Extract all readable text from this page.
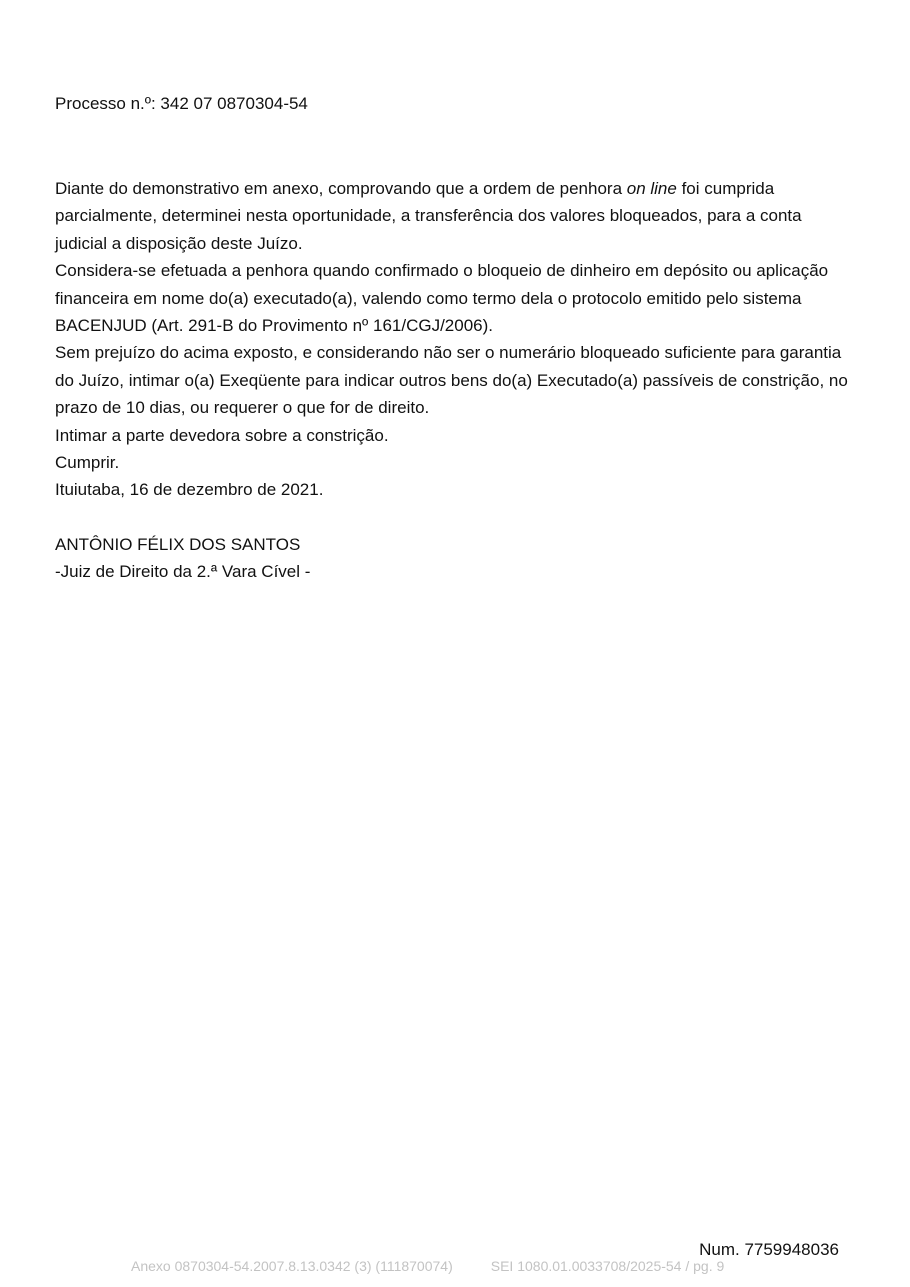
Processo n.º: 342 07 0870304-54

Diante do demonstrativo em anexo, comprovando que a ordem de penhora on line foi cumprida parcialmente, determinei nesta oportunidade, a transferência dos valores bloqueados, para a conta judicial a disposição deste Juízo.

Considera-se efetuada a penhora quando confirmado o bloqueio de dinheiro em depósito ou aplicação financeira em nome do(a) executado(a), valendo como termo dela o protocolo emitido pelo sistema BACENJUD (Art. 291-B do Provimento nº 161/CGJ/2006).

Sem prejuízo do acima exposto, e considerando não ser o numerário bloqueado suficiente para garantia do Juízo, intimar o(a) Exeqüente para indicar outros bens do(a) Executado(a) passíveis de constrição, no prazo de 10 dias, ou requerer o que for de direito.

Intimar a parte devedora sobre a constrição.

Cumprir.

Ituiutaba, 16 de dezembro de 2021.

ANTÔNIO FÉLIX DOS SANTOS

-Juiz de Direito da 2.ª Vara Cível -

Num. 7759948036
Anexo 0870304-54.2007.8.13.0342 (3) (111870074)	SEI 1080.01.0033708/2025-54 / pg. 9
